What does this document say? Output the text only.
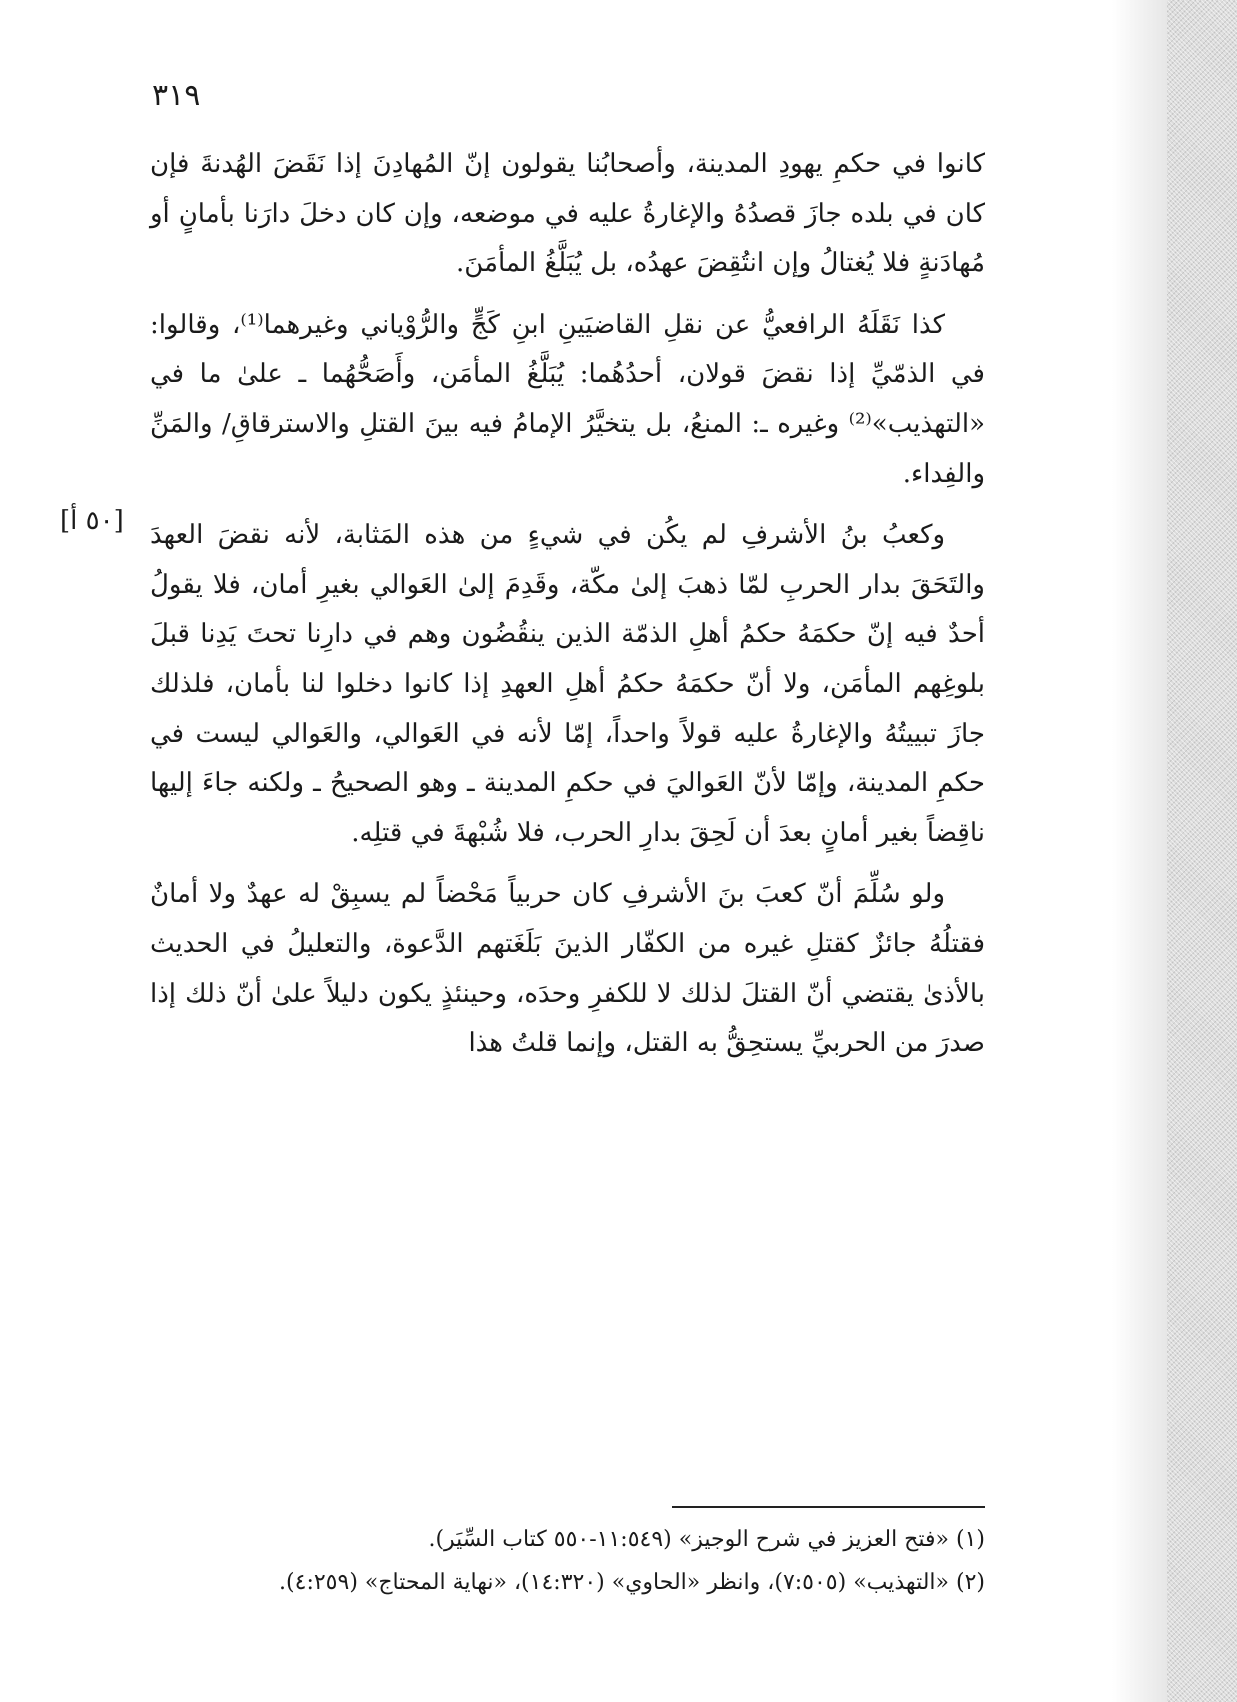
٣١٩

كانوا في حكمِ يهودِ المدينة، وأصحابُنا يقولون إنّ المُهادِنَ إذا نَقَضَ الهُدنةَ فإن كان في بلده جازَ قصدُهُ والإغارةُ عليه في موضعه، وإن كان دخلَ دارَنا بأمانٍ أو مُهادَنةٍ فلا يُغتالُ وإن انتُقِضَ عهدُه، بل يُبَلَّغُ المأمَنَ.

كذا نَقَلَهُ الرافعيُّ عن نقلِ القاضيَينِ ابنِ كَجٍّ والرُّوْياني وغيرهما⁽¹⁾، وقالوا: في الذمّيِّ إذا نقضَ قولان، أحدُهُما: يُبَلَّغُ المأمَن، وأَصَحُّهُما ـ علىٰ ما في «التهذيب»⁽²⁾ وغيره ـ: المنعُ، بل يتخيَّرُ الإمامُ فيه بينَ القتلِ والاسترقاقِ/ والمَنِّ والفِداء.

وكعبُ بنُ الأشرفِ لم يكُن في شيءٍ من هذه المَثابة، لأنه نقضَ العهدَ والتَحَقَ بدار الحربِ لمّا ذهبَ إلىٰ مكّة، وقَدِمَ إلىٰ العَوالي بغيرِ أمان، فلا يقولُ أحدٌ فيه إنّ حكمَهُ حكمُ أهلِ الذمّة الذين ينقُضُون وهم في دارِنا تحتَ يَدِنا قبلَ بلوغِهم المأمَن، ولا أنّ حكمَهُ حكمُ أهلِ العهدِ إذا كانوا دخلوا لنا بأمان، فلذلك جازَ تبييتُهُ والإغارةُ عليه قولاً واحداً، إمّا لأنه في العَوالي، والعَوالي ليست في حكمِ المدينة، وإمّا لأنّ العَواليَ في حكمِ المدينة ـ وهو الصحيحُ ـ ولكنه جاءَ إليها ناقِضاً بغير أمانٍ بعدَ أن لَحِقَ بدارِ الحرب، فلا شُبْهةَ في قتلِه.

ولو سُلِّمَ أنّ كعبَ بنَ الأشرفِ كان حربياً مَحْضاً لم يسبِقْ له عهدٌ ولا أمانٌ فقتلُهُ جائزٌ كقتلِ غيره من الكفّار الذينَ بَلَغَتهم الدَّعوة، والتعليلُ في الحديث بالأذىٰ يقتضي أنّ القتلَ لذلك لا للكفرِ وحدَه، وحينئذٍ يكون دليلاً علىٰ أنّ ذلك إذا صدرَ من الحربيِّ يستحِقُّ به القتل، وإنما قلتُ هذا

[٥٠ أ]

(١) «فتح العزيز في شرح الوجيز» (١١:٥٤٩-٥٥٠ كتاب السِّيَر).

(٢) «التهذيب» (٧:٥٠٥)، وانظر «الحاوي» (١٤:٣٢٠)، «نهاية المحتاج» (٤:٢٥٩).
